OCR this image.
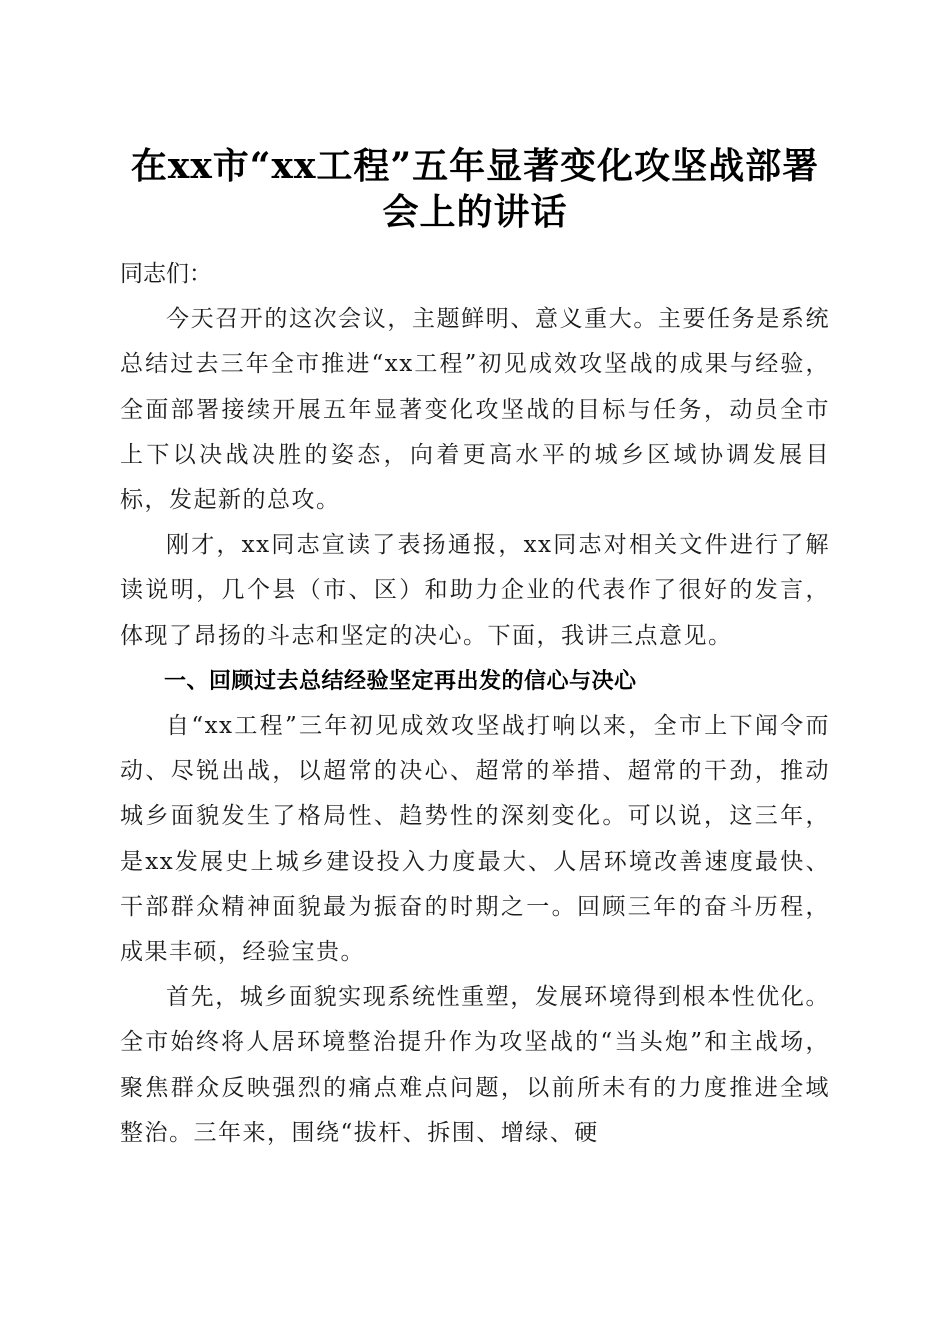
在xx市“xx工程”五年显著变化攻坚战部署
会上的讲话

同志们：

今天召开的这次会议，主题鲜明、意义重大。主要任务是系统总结过去三年全市推进“xx工程”初见成效攻坚战的成果与经验，全面部署接续开展五年显著变化攻坚战的目标与任务，动员全市上下以决战决胜的姿态，向着更高水平的城乡区域协调发展目标，发起新的总攻。

刚才，xx同志宣读了表扬通报，xx同志对相关文件进行了解读说明，几个县（市、区）和助力企业的代表作了很好的发言，体现了昂扬的斗志和坚定的决心。下面，我讲三点意见。

一、回顾过去总结经验坚定再出发的信心与决心

自“xx工程”三年初见成效攻坚战打响以来，全市上下闻令而动、尽锐出战，以超常的决心、超常的举措、超常的干劲，推动城乡面貌发生了格局性、趋势性的深刻变化。可以说，这三年，是xx发展史上城乡建设投入力度最大、人居环境改善速度最快、干部群众精神面貌最为振奋的时期之一。回顾三年的奋斗历程，成果丰硕，经验宝贵。

首先，城乡面貌实现系统性重塑，发展环境得到根本性优化。全市始终将人居环境整治提升作为攻坚战的“当头炮”和主战场，聚焦群众反映强烈的痛点难点问题，以前所未有的力度推进全域整治。三年来，围绕“拔杆、拆围、增绿、硬
